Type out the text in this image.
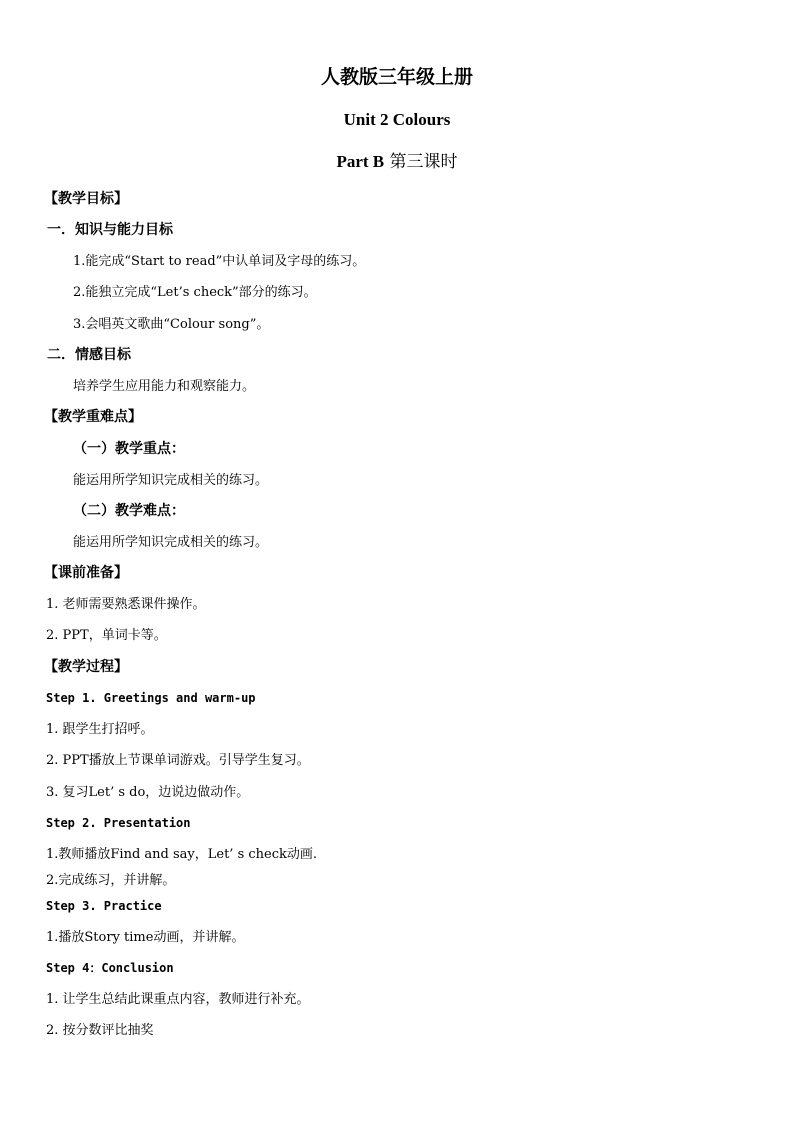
人教版三年级上册
Unit 2 Colours
Part B 第三课时
【教学目标】
一．知识与能力目标
1.能完成“Start to read”中认单词及字母的练习。
2.能独立完成“Let’s check”部分的练习。
3.会唱英文歌曲“Colour song”。
二．情感目标
培养学生应用能力和观察能力。
【教学重难点】
（一）教学重点：
能运用所学知识完成相关的练习。
（二）教学难点：
能运用所学知识完成相关的练习。
【课前准备】
1. 老师需要熟悉课件操作。
2. PPT，单词卡等。
【教学过程】
Step 1. Greetings and warm-up
1. 跟学生打招呼。
2. PPT播放上节课单词游戏。引导学生复习。
3. 复习Let’ s do，边说边做动作。
Step 2. Presentation
1.教师播放Find and say，Let’ s check动画.
2.完成练习，并讲解。
Step 3. Practice
1.播放Story time动画，并讲解。
Step 4：Conclusion
1. 让学生总结此课重点内容，教师进行补充。
2. 按分数评比抽奖
